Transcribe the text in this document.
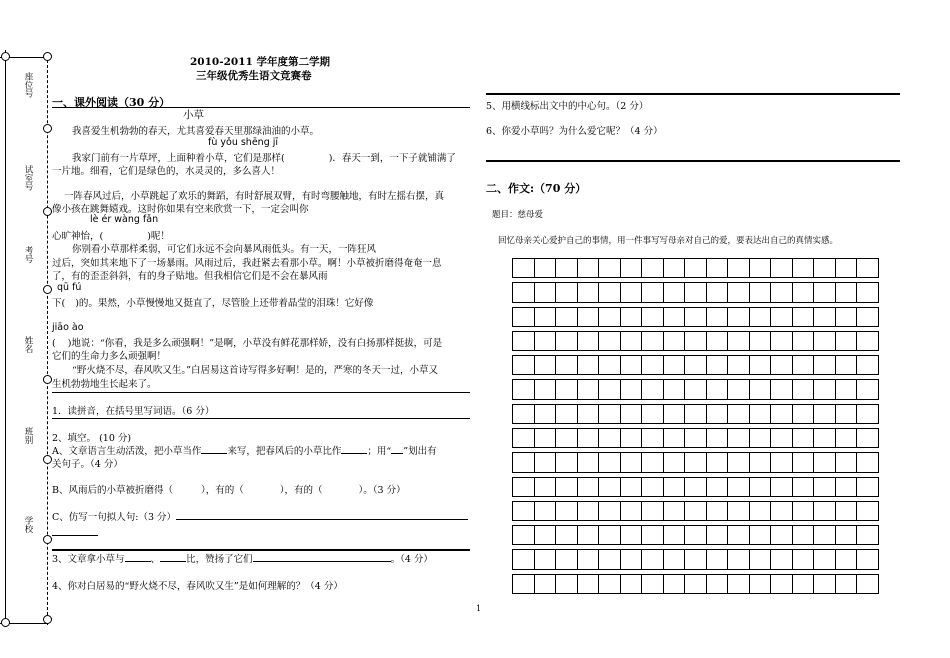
座位号
试室号
考号
姓名
班别
学校
2010-2011 学年度第二学期
三年级优秀生语文竞赛卷
一、课外阅读（30 分）
小草
我喜爱生机勃勃的春天，尤其喜爱春天里那绿油油的小草。
fù yǒu shēng jī
我家门前有一片草坪，上面种着小草，它们是那样(	)．春天一到，一下子就铺满了
一片地。细看，它们是绿色的，水灵灵的，多么喜人！
一阵春风过后，小草跳起了欢乐的舞蹈，有时舒展双臂，有时弯腰触地，有时左摇右摆，真
像小孩在跳舞嬉戏。这时你如果有空来欣赏一下，一定会叫你
lè ér wàng fǎn
心旷神怡，(	)呢！
你别看小草那样柔弱，可它们永远不会向暴风雨低头。有一天，一阵狂风
过后，突如其来地下了一场暴雨。风雨过后，我赶紧去看那小草。啊！小草被折磨得奄奄一息
了，有的歪歪斜斜，有的身子贴地。但我相信它们是不会在暴风雨
qū fú
下( )的。果然，小草慢慢地又挺直了，尽管脸上还带着晶莹的泪珠！它好像
jiāo ào
( )地说：“你看，我是多么顽强啊！”是啊，小草没有鲜花那样娇，没有白扬那样挺拔，可是
它们的生命力多么顽强啊！
“野火烧不尽，春风吹又生。”白居易这首诗写得多好啊！是的，严寒的冬天一过，小草又
生机勃勃地生长起来了。
1．读拼音，在括号里写词语。（6 分）
2、填空。 (10 分)
A、文章语言生动活泼，把小草当作	来写，把春风后的小草比作	；用“ ”划出有
关句子。（4 分）
B、风雨后的小草被折磨得（	），有的（	），有的（	）。（3 分）
C、仿写一句拟人句:（3 分）
3、文章拿小草与	、	比，赞扬了它们	。（4 分）
4、你对白居易的“野火烧不尽，春风吹又生”是如何理解的？（4 分）
5、用横线标出文中的中心句。（2 分）
6、你爱小草吗？为什么爱它呢？（4 分）
二、作文:（70 分）
题目：慈母爱
回忆母亲关心爱护自己的事情，用一件事写写母亲对自己的爱，要表达出自己的真情实感。
1
